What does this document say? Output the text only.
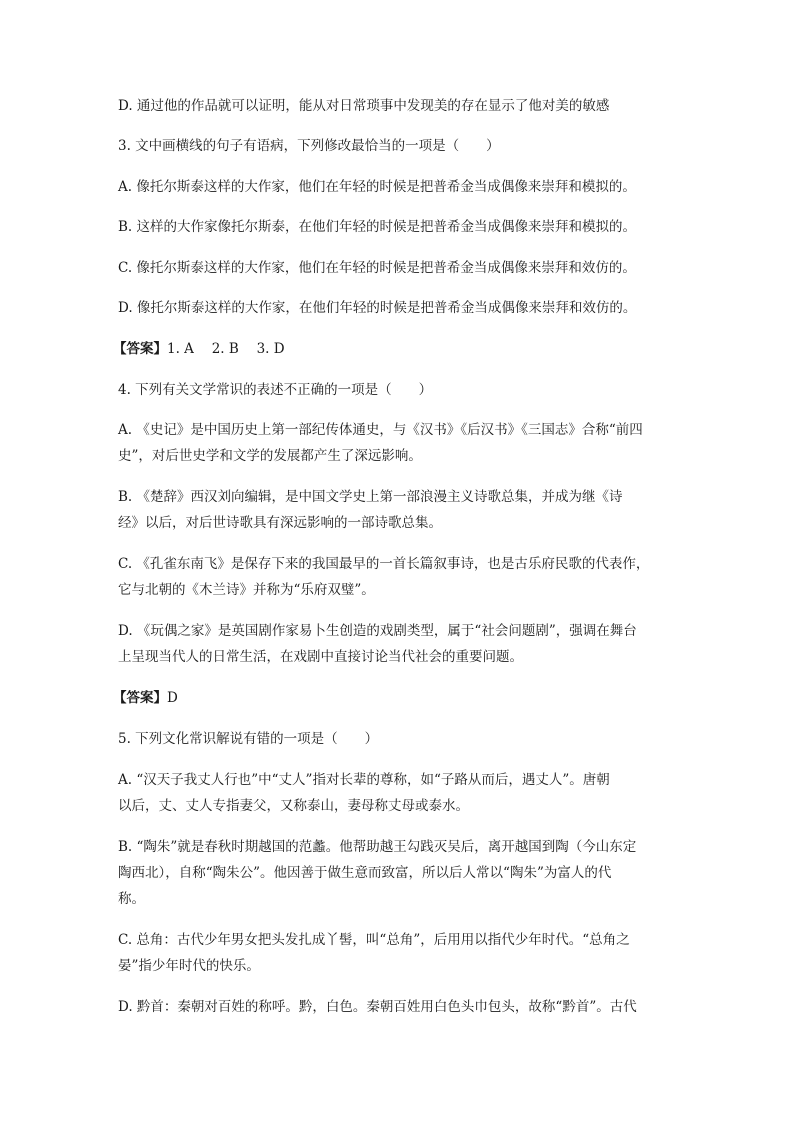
D. 通过他的作品就可以证明，能从对日常琐事中发现美的存在显示了他对美的敏感
3. 文中画横线的句子有语病，下列修改最恰当的一项是（　　）
A. 像托尔斯泰这样的大作家，他们在年轻的时候是把普希金当成偶像来崇拜和模拟的。
B. 这样的大作家像托尔斯泰，在他们年轻的时候是把普希金当成偶像来崇拜和模拟的。
C. 像托尔斯泰这样的大作家，他们在年轻的时候是把普希金当成偶像来崇拜和效仿的。
D. 像托尔斯泰这样的大作家，在他们年轻的时候是把普希金当成偶像来崇拜和效仿的。
【答案】1. A　 2. B　 3. D
4. 下列有关文学常识的表述不正确的一项是（　　）
A. 《史记》是中国历史上第一部纪传体通史，与《汉书》《后汉书》《三国志》合称“前四
史”，对后世史学和文学的发展都产生了深远影响。
B. 《楚辞》西汉刘向编辑，是中国文学史上第一部浪漫主义诗歌总集，并成为继《诗
经》以后，对后世诗歌具有深远影响的一部诗歌总集。
C. 《孔雀东南飞》是保存下来的我国最早的一首长篇叙事诗，也是古乐府民歌的代表作，
它与北朝的《木兰诗》并称为“乐府双璧”。
D. 《玩偶之家》是英国剧作家易卜生创造的戏剧类型，属于“社会问题剧”，强调在舞台
上呈现当代人的日常生活，在戏剧中直接讨论当代社会的重要问题。
【答案】D
5. 下列文化常识解说有错的一项是（　　）
A. “汉天子我丈人行也”中“丈人”指对长辈的尊称，如“子路从而后，遇丈人”。唐朝
以后，丈、丈人专指妻父，又称泰山，妻母称丈母或泰水。
B. “陶朱”就是春秋时期越国的范蠡。他帮助越王勾践灭吴后，离开越国到陶（今山东定
陶西北），自称“陶朱公”。他因善于做生意而致富，所以后人常以“陶朱”为富人的代
称。
C. 总角：古代少年男女把头发扎成丫髻，叫“总角”，后用用以指代少年时代。“总角之
晏”指少年时代的快乐。
D. 黔首：秦朝对百姓的称呼。黔，白色。秦朝百姓用白色头巾包头，故称“黔首”。古代
